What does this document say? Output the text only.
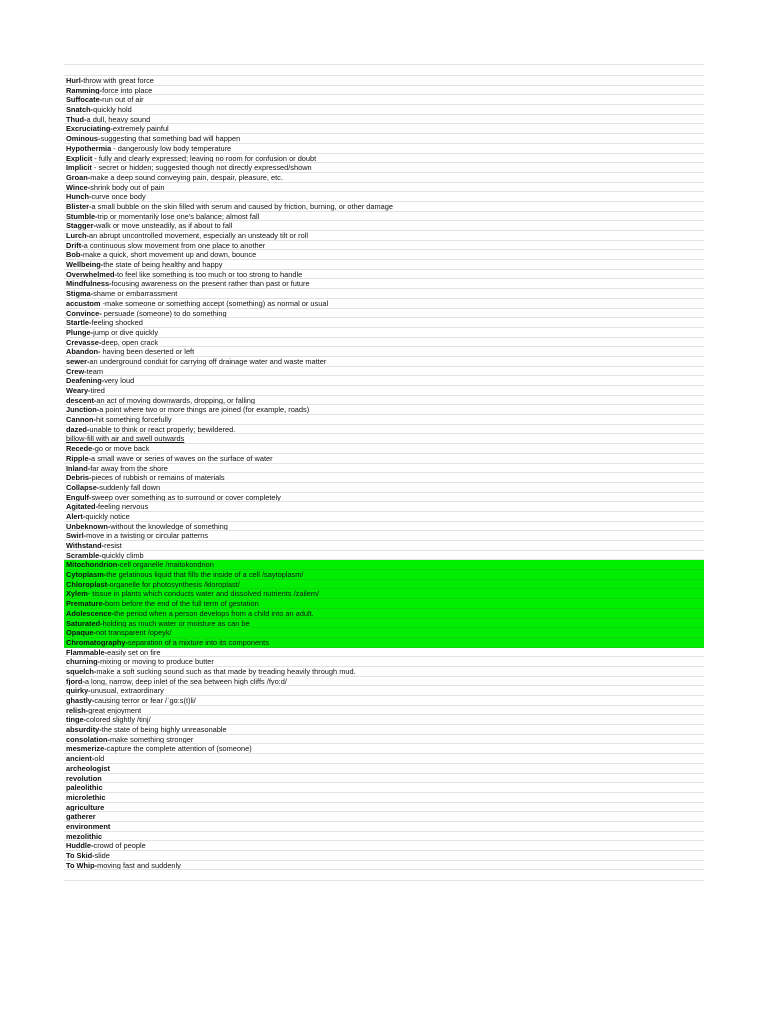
Hurl-throw with great force
Ramming-force into place
Suffocate-run out of air
Snatch-quickly hold
Thud-a dull, heavy sound
Excruciating-extremely painful
Ominous-suggesting that something bad will happen
Hypothermia - dangerously low body temperature
Explicit - fully and clearly expressed; leaving no room for confusion or doubt
Implicit - secret or hidden; suggested though not directly expressed/shown
Groan-make a deep sound conveying pain, despair, pleasure, etc.
Wince-shrink body out of pain
Hunch-curve once body
Blister-a small bubble on the skin filled with serum and caused by friction, burning, or other damage
Stumble-trip or momentarily lose one's balance; almost fall
Stagger-walk or move unsteadily, as if about to fall
Lurch-an abrupt uncontrolled movement, especially an unsteady tilt or roll
Drift-a continuous slow movement from one place to another
Bob-make a quick, short movement up and down, bounce
Wellbeing-the state of being healthy and happy
Overwhelmed-to feel like something is too much or too strong to handle
Mindfulness-focusing awareness on the present rather than past or future
Stigma-shame or embarrassment
accustom -make someone or something accept (something) as normal or usual
Convince- persuade (someone) to do something
Startle-feeling shocked
Plunge-jump or dive quickly
Crevasse-deep, open crack
Abandon- having been deserted or left
sewer-an underground conduit for carrying off drainage water and waste matter
Crew-team
Deafening-very loud
Weary-tired
descent-an act of moving downwards, dropping, or falling
Junction-a point where two or more things are joined (for example, roads)
Cannon-hit something forcefully
dazed-unable to think or react properly; bewildered.
billow-fill with air and swell outwards
Recede-go or move back
Ripple-a small wave or series of waves on the surface of water
Inland-far away from the shore
Debris-pieces of rubbish or remains of materials
Collapse-suddenly fall down
Engulf-sweep over something as to surround or cover completely
Agitated-feeling nervous
Alert-quickly notice
Unbeknown-without the knowledge of something
Swirl-move in a twisting or circular patterns
Withstand-resist
Scramble-quickly climb
Mitochondrion-cell organelle /maitokondrion
Cytoplasm-the gelatinous liquid that fills the inside of a cell /saytoplasm/
Chloroplast-organelle for photosynthesis /kloroplast/
Xylem- tissue in plants which conducts water and dissolved nutrients /zailem/
Premature-born before the end of the full term of gestation
Adolescence-the period when a person develops from a child into an adult.
Saturated-holding as much water or moisture as can be
Opaque-not transparent /opeyk/
Chromatography-separation of a mixture into its components
Flammable-easily set on fire
churning-mixing or moving to produce butter
squelch-make a soft sucking sound such as that made by treading heavily through mud.
fjord-a long, narrow, deep inlet of the sea between high cliffs /fyo:d/
quirky-unusual, extraordinary
ghastly-causing terror or fear /ˈɡɑːs(t)li/
relish-great enjoyment
tinge-colored slightly /tinj/
absurdity-the state of being highly unreasonable
consolation-make something stronger
mesmerize-capture the complete attention of (someone)
ancient-old
archeologist
revolution
paleolithic
microlethic
agriculture
gatherer
environment
mezolithic
Huddle-crowd of people
To Skid-slide
To Whip-moving fast and suddenly
